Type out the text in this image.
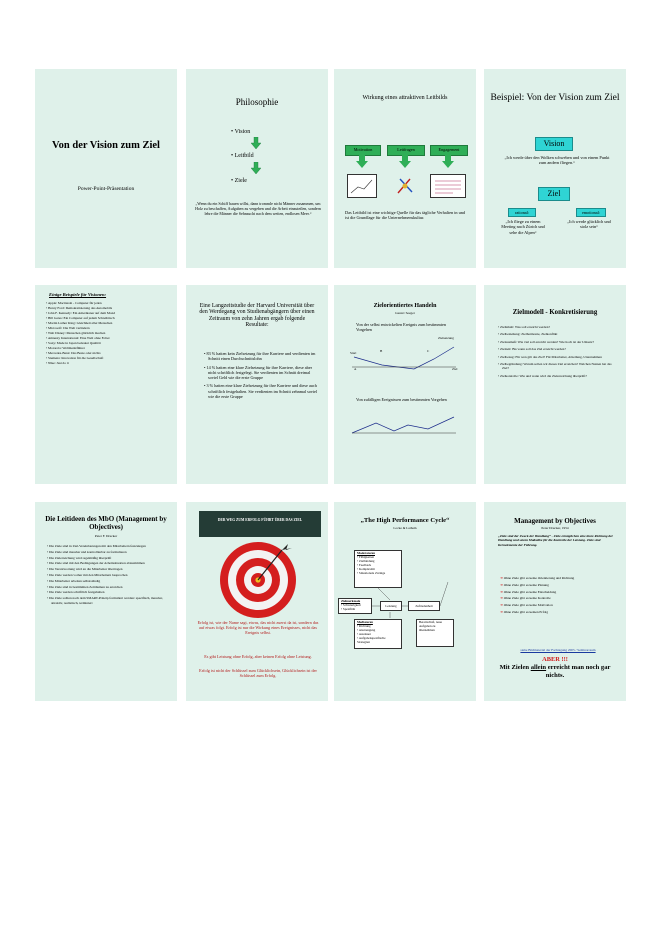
Von der Vision zum Ziel
Power-Point-Präsentation
Philosophie
• Vision
• Leitbild
• Ziele
„Wenn du ein Schiff bauen willst, dann trommle nicht Männer zusammen, um Holz zu beschaffen, Aufgaben zu vergeben und die Arbeit einzuteilen, sondern lehre die Männer die Sehnsucht nach dem weiten, endlosen Meer.“
Wirkung eines attraktiven Leitbilds
Motivation	Leitfragen	Engagement
Das Leitbild ist eine wichtige Quelle für das tägliche Verhalten in und ist die Grundlage für die Unternehmenskultur.
Beispiel: Von der Vision zum Ziel
Vision
„Ich werde über den Wolken schweben und von einem Punkt zum andern fliegen.“
Ziel
rational:	emotional:
„Ich fliege zu einem Meeting nach Zürich und sehe die Alpen“
„Ich werde glücklich und stolz sein“
Einige Beispiele für Visionen:

• Apple: Macintosh - Computer für jeden

• Henry Ford: Demokratisierung des Automobils

• John F. Kennedy: Ein Amerikaner auf dem Mond

• Bill Gates: Ein Computer auf jedem Schreibtisch

• Martin Luther King: Gleichheit aller Menschen

• Microsoft: Die Welt verändern

• Walt Disney: Menschen glücklich machen

• Amnesty International: Eine Welt ohne Folter

• Sony: Made in Japan bedeutet Qualität

• Motorola: Weltmarktführer

• Mercedes-Benz: Das Beste oder nichts

• Siemens: Innovation für die Gesellschaft

• Nike: Just do it

Eine Langzeitstudie der Harvard Universität über den Werdegang von Studienabgängern über einen Zeitraum von zehn Jahren ergab folgende Resultate:

• 83 % hatten kein Zielsetzung für ihre Karriere und verdienten im Schnitt einen Durchschnittslohn

• 14 % hatten eine klare Zielsetzung für ihre Karriere, diese aber nicht schriftlich festgelegt. Sie verdienten im Schnitt dreimal soviel Geld wie die erste Gruppe

• 3 % hatten eine klare Zielsetzung für ihre Karriere und diese auch schriftlich festgehalten. Sie verdienten im Schnitt zehnmal soviel wie die erste Gruppe

Zielorientiertes Handeln
Gustav Seeger
Von der selbst entwickelten Ereignis zum bestimmten Vorgehen
Zielsetzung
Start	B	C
A	Ziel
Von zufälligen Ereignissen zum bestimmten Vorgehen
Zielmodell - Konkretisierung

• Zielinhalt: Was soll erreicht werden?

• Zielbeziehung: Zielharmonie, Zielkonflikt

• Zielausmaß: Wie viel soll erreicht werden? Wie hoch ist der Umsatz?

• Zielzeit: Bis wann soll das Ziel erreicht werden?

• Zielbezug: Für wen gilt das Ziel? Für Mitarbeiter, Abteilung, Unternehmen

• Zielbegründung: Warum sollen wir dieses Ziel erreichen? Welchen Nutzen hat das Ziel?

• Zielkontrolle: Wie und wann wird die Zielerreichung überprüft?

Die Leitideen des MbO (Management by Objectives)
Peter F. Drucker

• Die Ziele sind in Ziel-Vereinbarungen mit den Mitarbeitern festzulegen

• Die Ziele sind messbar und kontrollierbar zu formulieren

• Die Zielerreichung wird regelmäßig überprüft

• Die Ziele sind mit den Bedingungen der Arbeitssituation abzustimmen

• Die Verantwortung wird an die Mitarbeiter übertragen

• Die Ziele werden vorher mit den Mitarbeitern besprochen

• Die Mitarbeiter arbeiten selbstständig

• Die Ziele sind in bestimmten Zeiträumen zu erreichen

• Die Ziele werden schriftlich festgehalten

• Die Ziele sollten nach dem SMART-Prinzip formuliert werden: spezifisch, messbar, attraktiv, realistisch, terminiert

DER WEG ZUM ERFOLG FÜHRT ÜBER DAS ZIEL
Erfolg ist, wie der Name sagt, etwas, das nicht zuerst da ist, sondern das auf etwas folgt. Erfolg ist nur die Wirkung eines Ereignisses, nicht das Ereignis selbst.
Es gibt Leistung ohne Erfolg, aber keinen Erfolg ohne Leistung.
Erfolg ist nicht der Schlüssel zum Glücklichsein, Glücklichsein ist der Schlüssel zum Erfolg.
„The High Performance Cycle“
Locke & Latham
Moderatoren
• Fähigkeiten
• Zielbindung
• Feedback
• Komplexität
• Situationale Zwänge
Zielmerkmale
• Schwierigkeit
• Spezifität
Leistung	Zufriedenheit
Mediatoren
• Richtung
• Anstrengung
• Ausdauer
• Aufgabenspezifische Strategien
Bereitschaft, neue Aufgaben zu übernehmen
Management by Objectives
Peter Drucker, 1954
„Ziele sind der Zweck der Handlung“ - Ziele ermöglichen eine klare Richtung der Handlung und setzen Maßstäbe für die Kontrolle der Leistung. Ziele sind Kernelemente der Führung.

➜ Ohne Ziele gibt es keine Orientierung und Richtung

➜ Ohne Ziele gibt es keine Planung

➜ Ohne Ziele gibt es keine Entscheidung

➜ Ohne Ziele gibt es keine Kontrolle

➜ Ohne Ziele gibt es keine Motivation

➜ Ohne Ziele gibt es keinen Erfolg

siehe Bildmaterial der Fachtagung 2005 / Seminarraum
ABER !!!
Mit Zielen allein erreicht man noch gar nichts.
